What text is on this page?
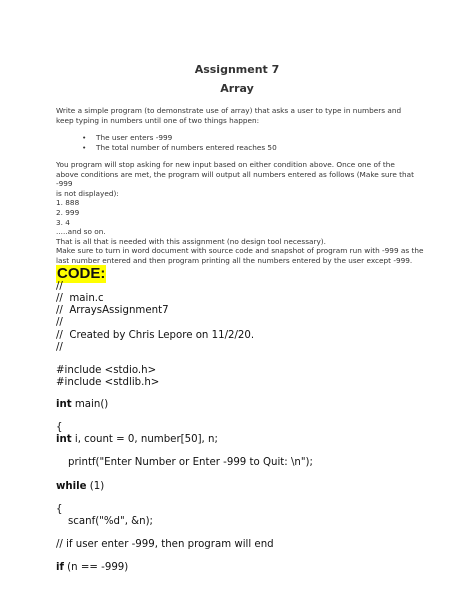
Assignment 7
Array
Write a simple program (to demonstrate use of array) that asks a user to type in numbers and
keep typing in numbers until one of two things happen:
• The user enters -999
• The total number of numbers entered reaches 50
You program will stop asking for new input based on either condition above. Once one of the
above conditions are met, the program will output all numbers entered as follows (Make sure that -999
is not displayed):
1. 888
2. 999
3. 4
.....and so on.
That is all that is needed with this assignment (no design tool necessary).
Make sure to turn in word document with source code and snapshot of program run with -999 as the
last number entered and then program printing all the numbers entered by the user except -999.
CODE:
//
//  main.c
//  ArraysAssignment7
//
//  Created by Chris Lepore on 11/2/20.
//
#include <stdio.h>
#include <stdlib.h>
int main()
{
int i, count = 0, number[50], n;
printf("Enter Number or Enter -999 to Quit: \n");
while (1)
{
scanf("%d", &n);
// if user enter -999, then program will end
if (n == -999)
